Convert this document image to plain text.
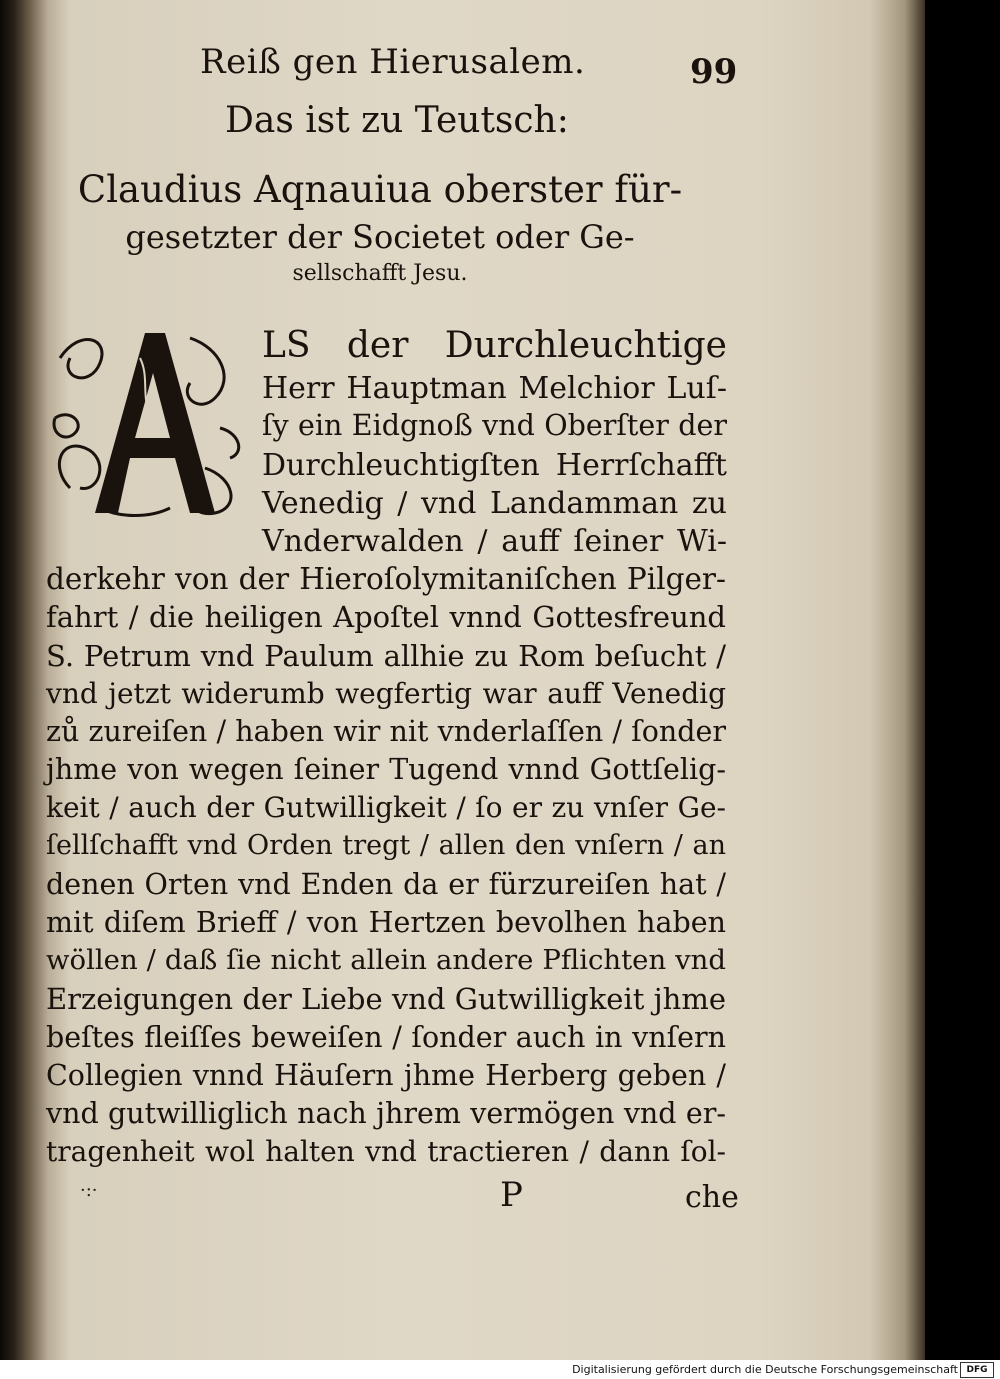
Reiß gen Hierusalem.	99
Das ist zu Teutsch:
Claudius Aqnauiua oberster für-
gesetzter der Societet oder Ge-
sellschafft Jesu.
LS der Durchleuchtige
Herr Hauptman Melchior Luſ-
ſy ein Eidgnoß vnd Oberſter der
Durchleuchtigſten Herrſchafft
Venedig / vnd Landamman zu
Vnderwalden / auff ſeiner Wi-
derkehr von der Hieroſolymitaniſchen Pilger-
fahrt / die heiligen Apoſtel vnnd Gottesfreund
S. Petrum vnd Paulum allhie zu Rom beſucht /
vnd jetzt widerumb wegfertig war auff Venedig
zů zureiſen / haben wir nit vnderlaſſen / ſonder
jhme von wegen ſeiner Tugend vnnd Gottſelig-
keit / auch der Gutwilligkeit / ſo er zu vnſer Ge-
ſellſchafft vnd Orden tregt / allen den vnſern / an
denen Orten vnd Enden da er fürzureiſen hat /
mit diſem Brieff / von Hertzen bevolhen haben
wöllen / daß ſie nicht allein andere Pflichten vnd
Erzeigungen der Liebe vnd Gutwilligkeit jhme
beſtes fleiſſes beweiſen / ſonder auch in vnſern
Collegien vnnd Häuſern jhme Herberg geben /
vnd gutwilliglich nach jhrem vermögen vnd er-
tragenheit wol halten vnd tractieren / dann ſol-
·:·	P	che
Digitalisierung gefördert durch die Deutsche Forschungsgemeinschaft DFG
